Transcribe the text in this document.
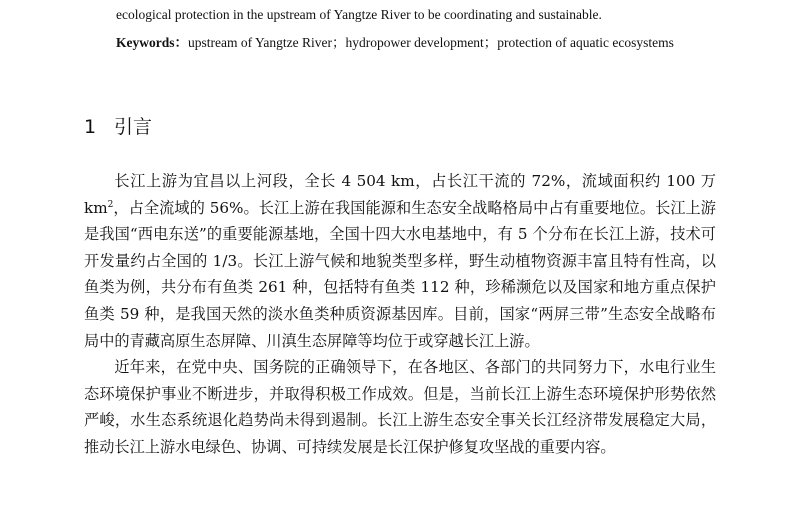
ecological protection in the upstream of Yangtze River to be coordinating and sustainable.
Keywords：upstream of Yangtze River；hydropower development；protection of aquatic ecosystems
1 引言

长江上游为宜昌以上河段，全长 4 504 km，占长江干流的 72%，流域面积约 100 万 $km^2$，占全流域的 56%。长江上游在我国能源和生态安全战略格局中占有重要地位。长江上游是我国“西电东送”的重要能源基地，全国十四大水电基地中，有 5 个分布在长江上游，技术可开发量约占全国的 1/3。长江上游气候和地貌类型多样，野生动植物资源丰富且特有性高，以鱼类为例，共分布有鱼类 261 种，包括特有鱼类 112 种，珍稀濒危以及国家和地方重点保护鱼类 59 种，是我国天然的淡水鱼类种质资源基因库。目前，国家“两屏三带”生态安全战略布局中的青藏高原生态屏障、川滇生态屏障等均位于或穿越长江上游。

近年来，在党中央、国务院的正确领导下，在各地区、各部门的共同努力下，水电行业生态环境保护事业不断进步，并取得积极工作成效。但是，当前长江上游生态环境保护形势依然严峻，水生态系统退化趋势尚未得到遏制。长江上游生态安全事关长江经济带发展稳定大局，推动长江上游水电绿色、协调、可持续发展是长江保护修复攻坚战的重要内容。
